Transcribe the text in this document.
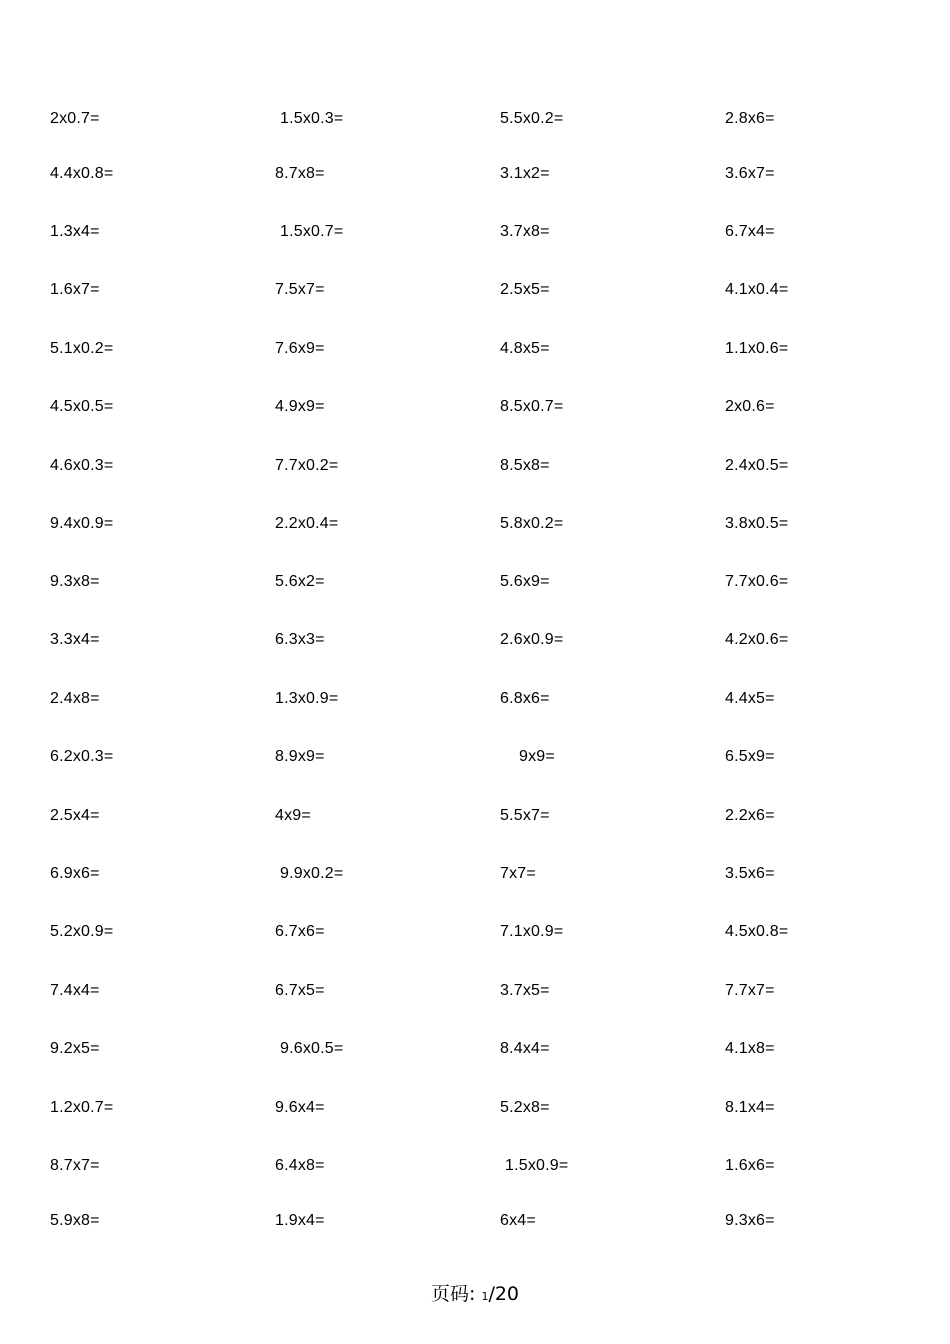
2x0.7=
4.4x0.8=
1.3x4=
1.6x7=
5.1x0.2=
4.5x0.5=
4.6x0.3=
9.4x0.9=
9.3x8=
3.3x4=
2.4x8=
6.2x0.3=
2.5x4=
6.9x6=
5.2x0.9=
7.4x4=
9.2x5=
1.2x0.7=
8.7x7=
5.9x8=
1.5x0.3=
8.7x8=
1.5x0.7=
7.5x7=
7.6x9=
4.9x9=
7.7x0.2=
2.2x0.4=
5.6x2=
6.3x3=
1.3x0.9=
8.9x9=
4x9=
9.9x0.2=
6.7x6=
6.7x5=
9.6x0.5=
9.6x4=
6.4x8=
1.9x4=
5.5x0.2=
3.1x2=
3.7x8=
2.5x5=
4.8x5=
8.5x0.7=
8.5x8=
5.8x0.2=
5.6x9=
2.6x0.9=
6.8x6=
9x9=
5.5x7=
7x7=
7.1x0.9=
3.7x5=
8.4x4=
5.2x8=
1.5x0.9=
6x4=
2.8x6=
3.6x7=
6.7x4=
4.1x0.4=
1.1x0.6=
2x0.6=
2.4x0.5=
3.8x0.5=
7.7x0.6=
4.2x0.6=
4.4x5=
6.5x9=
2.2x6=
3.5x6=
4.5x0.8=
7.7x7=
4.1x8=
8.1x4=
1.6x6=
9.3x6=
页码: 1/20
